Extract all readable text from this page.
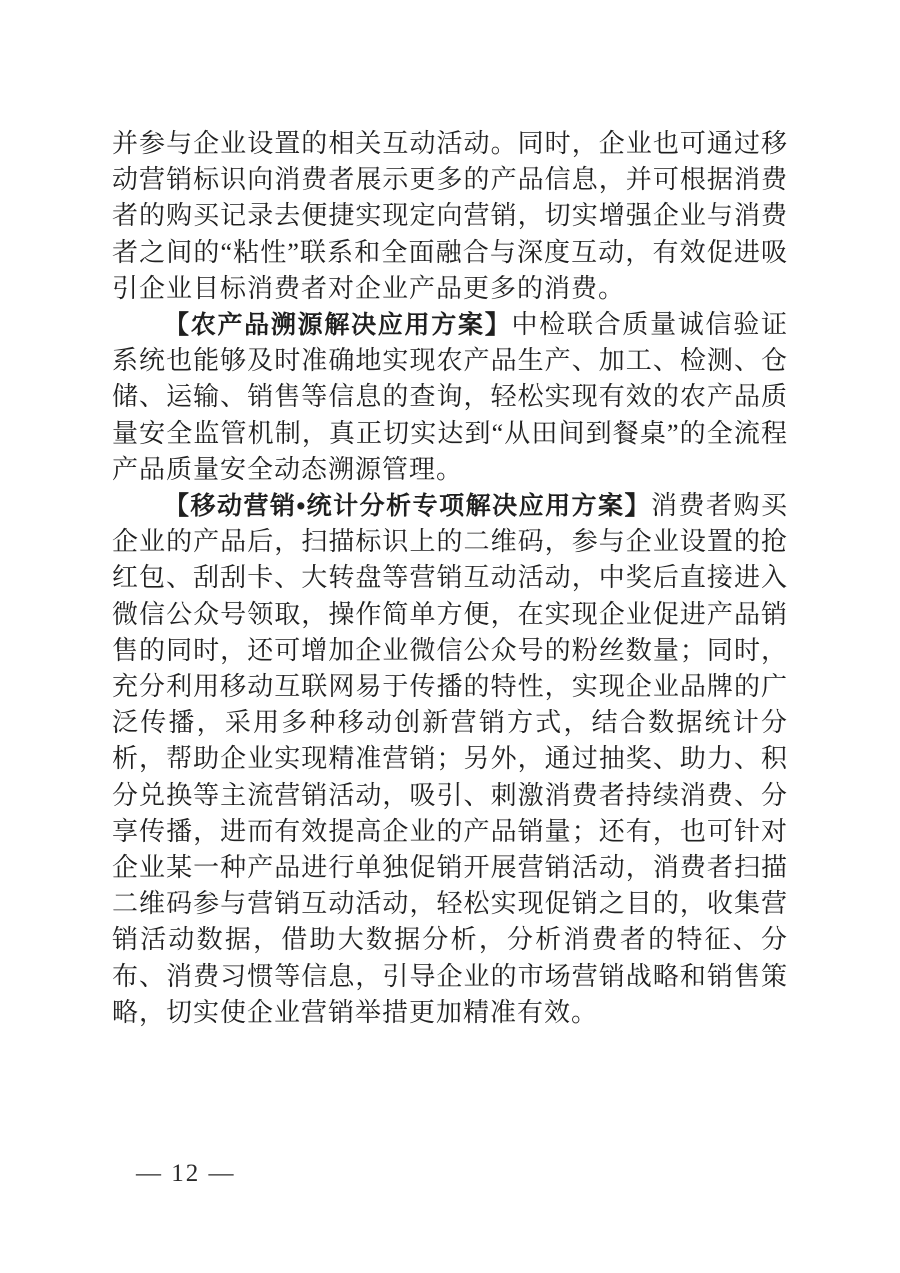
并参与企业设置的相关互动活动。同时，企业也可通过移动营销标识向消费者展示更多的产品信息，并可根据消费者的购买记录去便捷实现定向营销，切实增强企业与消费者之间的“粘性”联系和全面融合与深度互动，有效促进吸引企业目标消费者对企业产品更多的消费。

【农产品溯源解决应用方案】中检联合质量诚信验证系统也能够及时准确地实现农产品生产、加工、检测、仓储、运输、销售等信息的查询，轻松实现有效的农产品质量安全监管机制，真正切实达到“从田间到餐桌”的全流程产品质量安全动态溯源管理。

【移动营销•统计分析专项解决应用方案】消费者购买企业的产品后，扫描标识上的二维码，参与企业设置的抢红包、刮刮卡、大转盘等营销互动活动，中奖后直接进入微信公众号领取，操作简单方便，在实现企业促进产品销售的同时，还可增加企业微信公众号的粉丝数量；同时，充分利用移动互联网易于传播的特性，实现企业品牌的广泛传播，采用多种移动创新营销方式，结合数据统计分析，帮助企业实现精准营销；另外，通过抽奖、助力、积分兑换等主流营销活动，吸引、刺激消费者持续消费、分享传播，进而有效提高企业的产品销量；还有，也可针对企业某一种产品进行单独促销开展营销活动，消费者扫描二维码参与营销互动活动，轻松实现促销之目的，收集营销活动数据，借助大数据分析，分析消费者的特征、分布、消费习惯等信息，引导企业的市场营销战略和销售策略，切实使企业营销举措更加精准有效。

— 12 —
